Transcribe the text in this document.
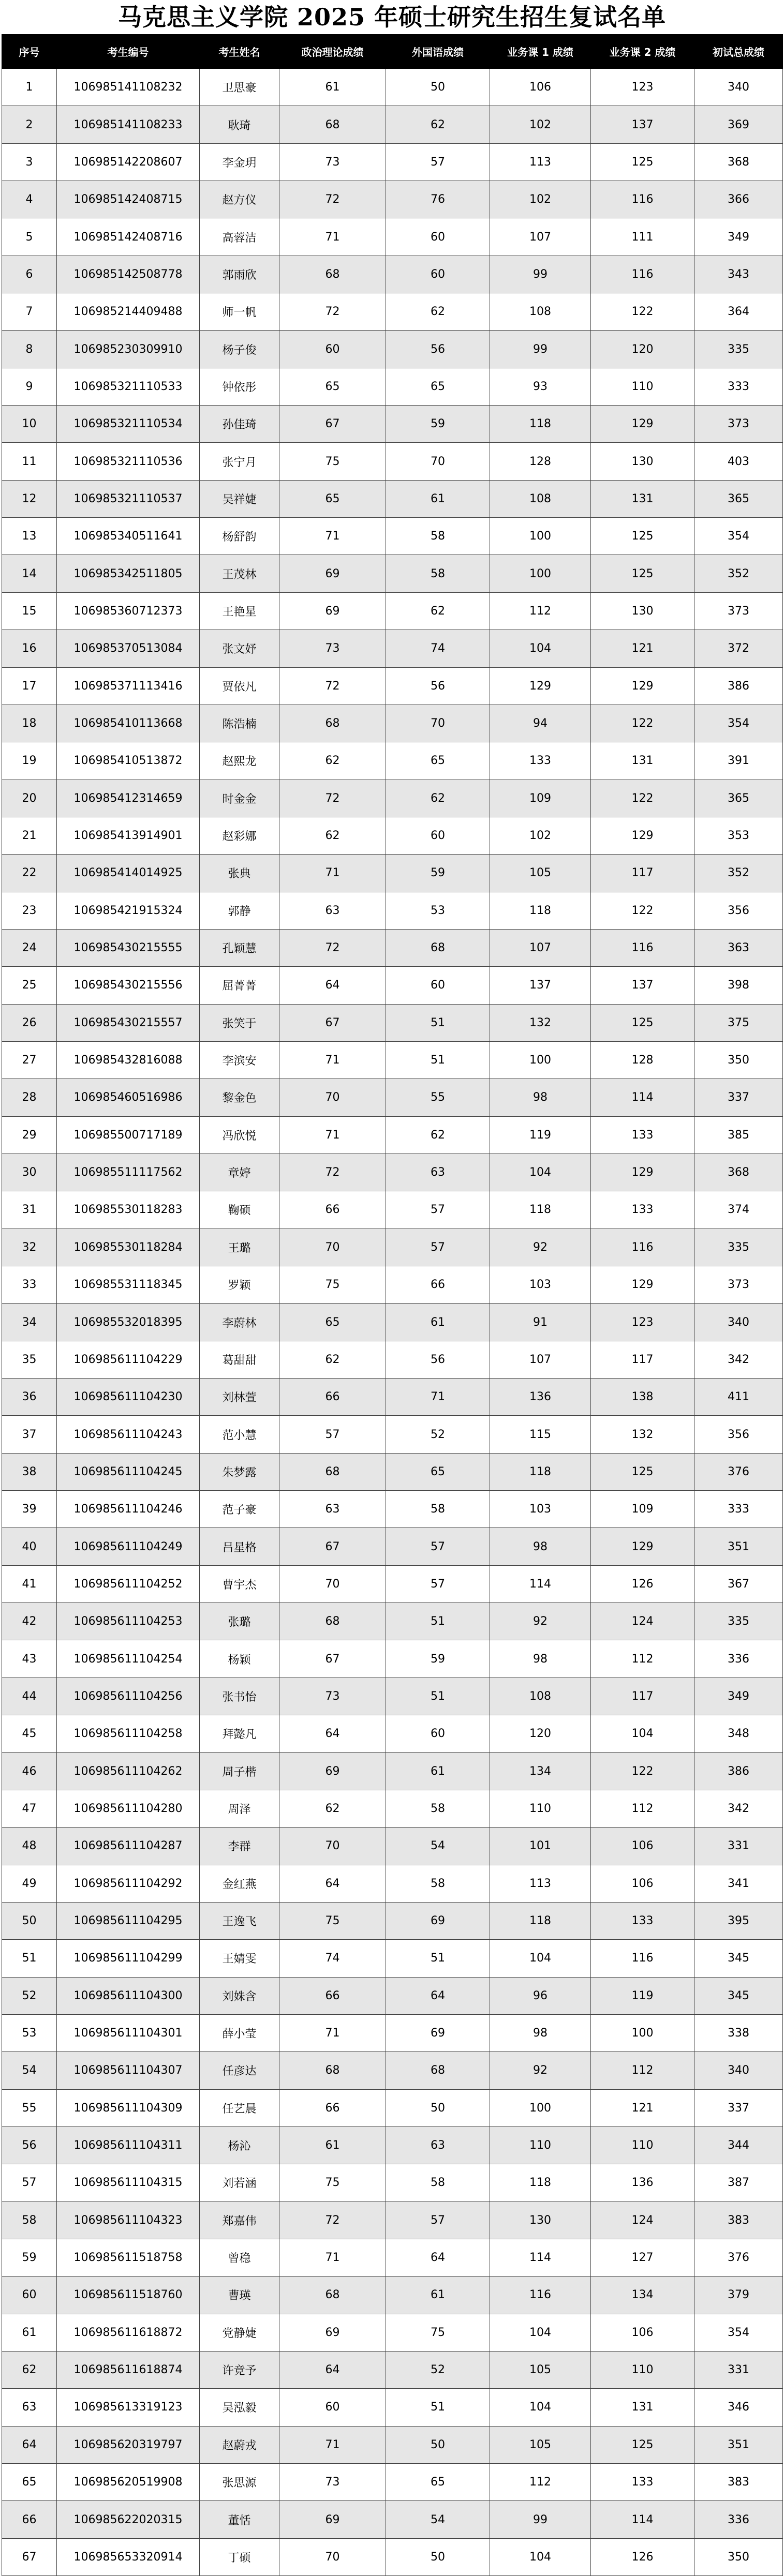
马克思主义学院 2025 年硕士研究生招生复试名单
序号	考生编号	考生姓名	政治理论成绩	外国语成绩	业务课 1 成绩	业务课 2 成绩	初试总成绩
1	106985141108232	卫思豪	61	50	106	123	340
2	106985141108233	耿琦	68	62	102	137	369
3	106985142208607	李金玥	73	57	113	125	368
4	106985142408715	赵方仪	72	76	102	116	366
5	106985142408716	高蓉洁	71	60	107	111	349
6	106985142508778	郭雨欣	68	60	99	116	343
7	106985214409488	师一帆	72	62	108	122	364
8	106985230309910	杨子俊	60	56	99	120	335
9	106985321110533	钟依彤	65	65	93	110	333
10	106985321110534	孙佳琦	67	59	118	129	373
11	106985321110536	张宁月	75	70	128	130	403
12	106985321110537	吴祥婕	65	61	108	131	365
13	106985340511641	杨舒韵	71	58	100	125	354
14	106985342511805	王茂林	69	58	100	125	352
15	106985360712373	王艳星	69	62	112	130	373
16	106985370513084	张文妤	73	74	104	121	372
17	106985371113416	贾依凡	72	56	129	129	386
18	106985410113668	陈浩楠	68	70	94	122	354
19	106985410513872	赵熙龙	62	65	133	131	391
20	106985412314659	时金金	72	62	109	122	365
21	106985413914901	赵彩娜	62	60	102	129	353
22	106985414014925	张典	71	59	105	117	352
23	106985421915324	郭静	63	53	118	122	356
24	106985430215555	孔颖慧	72	68	107	116	363
25	106985430215556	屈菁菁	64	60	137	137	398
26	106985430215557	张笑于	67	51	132	125	375
27	106985432816088	李滨安	71	51	100	128	350
28	106985460516986	黎金色	70	55	98	114	337
29	106985500717189	冯欣悦	71	62	119	133	385
30	106985511117562	章婷	72	63	104	129	368
31	106985530118283	鞠硕	66	57	118	133	374
32	106985530118284	王璐	70	57	92	116	335
33	106985531118345	罗颖	75	66	103	129	373
34	106985532018395	李蔚林	65	61	91	123	340
35	106985611104229	葛甜甜	62	56	107	117	342
36	106985611104230	刘林萱	66	71	136	138	411
37	106985611104243	范小慧	57	52	115	132	356
38	106985611104245	朱梦露	68	65	118	125	376
39	106985611104246	范子豪	63	58	103	109	333
40	106985611104249	吕星格	67	57	98	129	351
41	106985611104252	曹宇杰	70	57	114	126	367
42	106985611104253	张璐	68	51	92	124	335
43	106985611104254	杨颖	67	59	98	112	336
44	106985611104256	张书怡	73	51	108	117	349
45	106985611104258	拜懿凡	64	60	120	104	348
46	106985611104262	周子楷	69	61	134	122	386
47	106985611104280	周泽	62	58	110	112	342
48	106985611104287	李群	70	54	101	106	331
49	106985611104292	金红燕	64	58	113	106	341
50	106985611104295	王逸飞	75	69	118	133	395
51	106985611104299	王婧雯	74	51	104	116	345
52	106985611104300	刘姝含	66	64	96	119	345
53	106985611104301	薛小莹	71	69	98	100	338
54	106985611104307	任彦达	68	68	92	112	340
55	106985611104309	任艺晨	66	50	100	121	337
56	106985611104311	杨沁	61	63	110	110	344
57	106985611104315	刘若涵	75	58	118	136	387
58	106985611104323	郑嘉伟	72	57	130	124	383
59	106985611518758	曾稳	71	64	114	127	376
60	106985611518760	曹瑛	68	61	116	134	379
61	106985611618872	党静婕	69	75	104	106	354
62	106985611618874	许竞予	64	52	105	110	331
63	106985613319123	吴泓毅	60	51	104	131	346
64	106985620319797	赵蔚戎	71	50	105	125	351
65	106985620519908	张思源	73	65	112	133	383
66	106985622020315	董恬	69	54	99	114	336
67	106985653320914	丁硕	70	50	104	126	350
